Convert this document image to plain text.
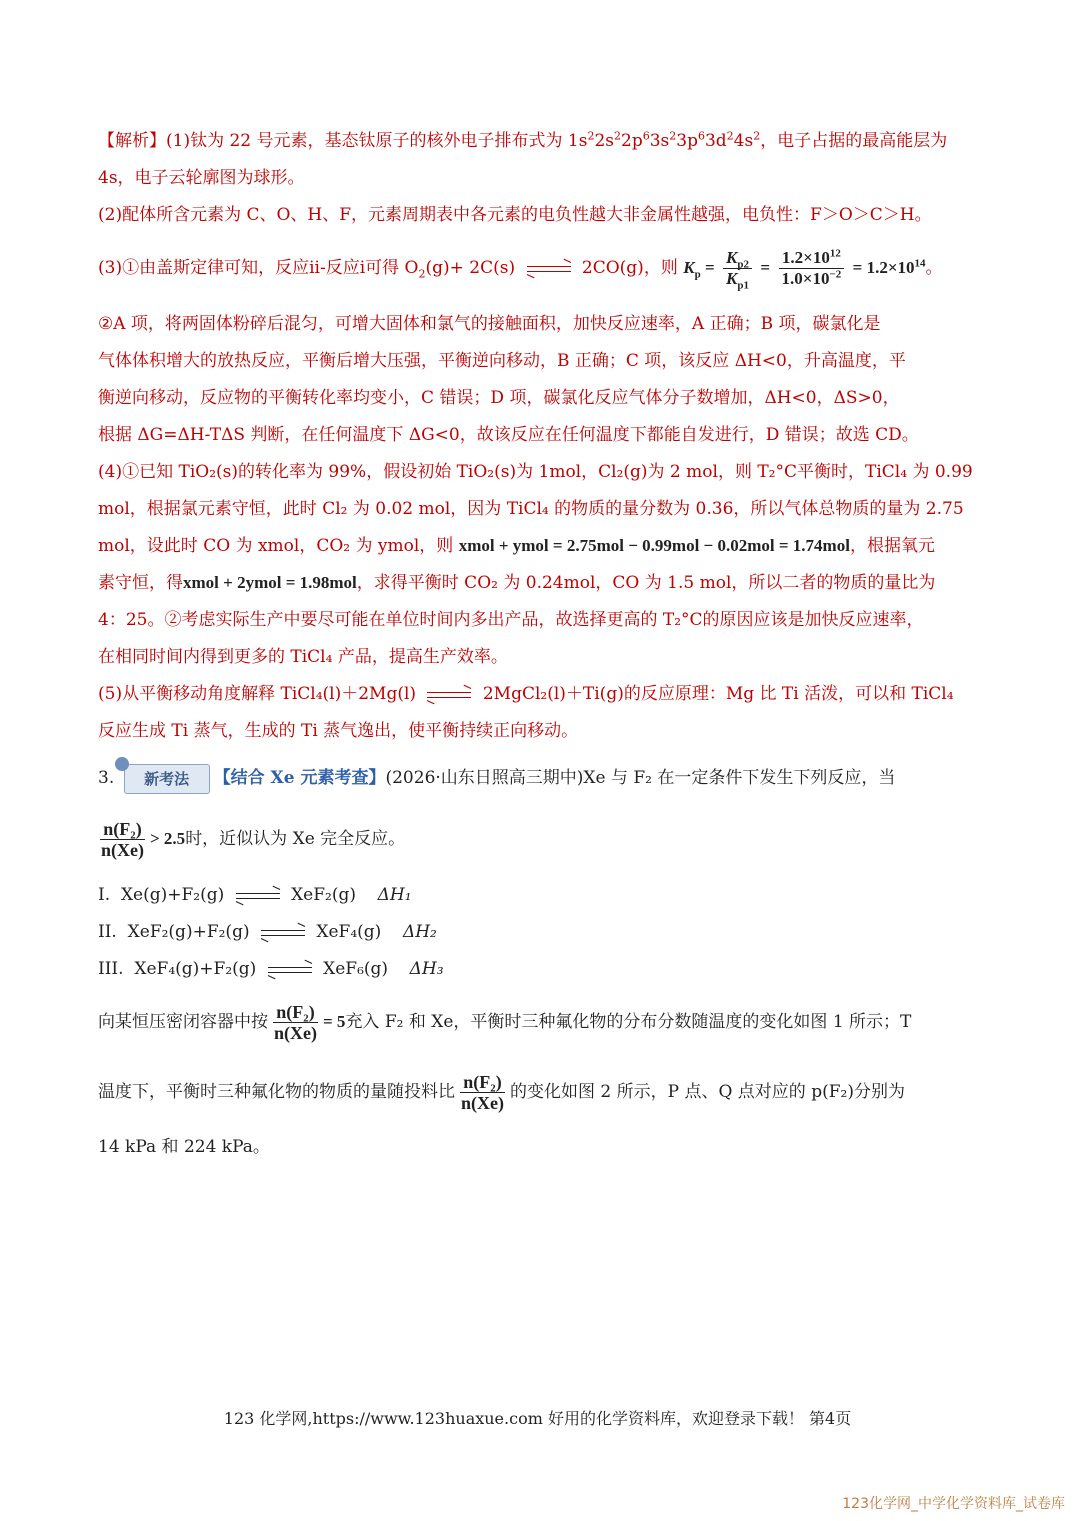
【解析】(1)钛为 22 号元素，基态钛原子的核外电子排布式为 $1s^22s^22p^63s^23p^63d^24s^2$，电子占据的最高能层为
4s，电子云轮廓图为球形。
(2)配体所含元素为 C、O、H、F，元素周期表中各元素的电负性越大非金属性越强，电负性：F＞O＞C＞H。
(3)①由盖斯定律可知，反应ii-反应i可得 $O_2(g)+ 2C(s)$	2CO(g)，则 $K_p = \frac{K_{p2}}{K_{p1}} = \frac{1.2\times 10^{12}}{1.0\times 10^{-2}} = 1.2\times 10^{14}$。
②A 项，将两固体粉碎后混匀，可增大固体和氯气的接触面积，加快反应速率，A 正确；B 项，碳氯化是
气体体积增大的放热反应，平衡后增大压强，平衡逆向移动，B 正确；C 项，该反应 ΔH<0，升高温度，平
衡逆向移动，反应物的平衡转化率均变小，C 错误；D 项，碳氯化反应气体分子数增加，ΔH<0，ΔS>0，
根据 ΔG=ΔH-TΔS 判断，在任何温度下 ΔG<0，故该反应在任何温度下都能自发进行，D 错误；故选 CD。
(4)①已知 TiO₂(s)的转化率为 99%，假设初始 TiO₂(s)为 1mol，Cl₂(g)为 2 mol，则 T₂°C平衡时，TiCl₄ 为 0.99
mol，根据氯元素守恒，此时 Cl₂ 为 0.02 mol，因为 TiCl₄ 的物质的量分数为 0.36，所以气体总物质的量为 2.75
mol，设此时 CO 为 xmol，CO₂ 为 ymol，则 xmol + ymol = 2.75mol − 0.99mol − 0.02mol = 1.74mol，根据氧元
素守恒，得xmol + 2ymol = 1.98mol，求得平衡时 CO₂ 为 0.24mol，CO 为 1.5 mol，所以二者的物质的量比为
4：25。②考虑实际生产中要尽可能在单位时间内多出产品，故选择更高的 T₂°C的原因应该是加快反应速率，
在相同时间内得到更多的 TiCl₄ 产品，提高生产效率。
(5)从平衡移动角度解释 TiCl₄(l)＋2Mg(l)	2MgCl₂(l)＋Ti(g)的反应原理：Mg 比 Ti 活泼，可以和 TiCl₄
反应生成 Ti 蒸气，生成的 Ti 蒸气逸出，使平衡持续正向移动。
3. 新考法 【结合 Xe 元素考查】(2026·山东日照高三期中)Xe 与 F₂ 在一定条件下发生下列反应，当
$\frac{\text{n(F₂)}}{n(Xe)} > 2.5$时，近似认为 Xe 完全反应。
I. Xe(g)+F₂(g)	XeF₂(g) ΔH₁
II. XeF₂(g)+F₂(g)	XeF₄(g) ΔH₂
III. XeF₄(g)+F₂(g)	XeF₆(g) ΔH₃
向某恒压密闭容器中按 $\frac{\text{n(F₂)}}{n(Xe)} = 5$充入 F₂ 和 Xe，平衡时三种氟化物的分布分数随温度的变化如图 1 所示；T
温度下，平衡时三种氟化物的物质的量随投料比 $\frac{\text{n(F₂)}}{n(Xe)}$ 的变化如图 2 所示，P 点、Q 点对应的 p(F₂)分别为
14 kPa 和 224 kPa。
123 化学网,https://www.123huaxue.com 好用的化学资料库，欢迎登录下载！ 第4页
123化学网_中学化学资料库_试卷库
